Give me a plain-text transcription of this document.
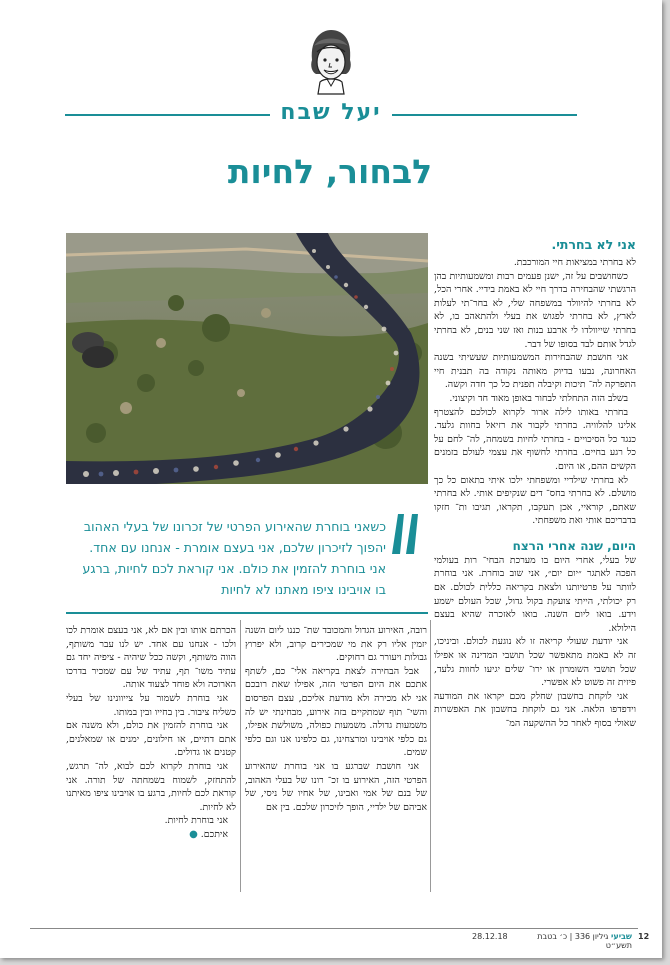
יעל שבח
לבחור, לחיות
כשאני בוחרת שהאירוע הפרטי של זכרונו של בעלי האהוב יהפוך לזיכרון שלכם, אני בעצם אומרת - אנחנו עם אחד. אני בוחרת להזמין את כולם. אני קוראת לכם לחיות, ברגע בו אויבינו ציפו מאתנו לא לחיות
אני לא בחרתי.

לא בחרתי במציאות חיי המורכבת.

כשחושבים על זה, ישנן פעמים רבות ומשמעותיות בהן הרגשתי שהבחירה בדרך חיי לא באמת בידיי. אחרי הכל, לא בחרתי להיוולד במשפחה שלי, לא בחר־תי לעלות לארץ, לא בחרתי לפגוש את בעלי ולהתאהב בו, לא בחרתי שייוולדו לי ארבע בנות ואז שני בנים, לא בחרתי לגדל אותם לבד בסופו של דבר.

אני חושבת שהבחירות המשמעותיות שעשיתי בשנה האחרונה, נבעו בדיוק מאותה נקודה בה תבנית חיי התפרקה לה־ תיכות וקיבלה תפנית כל כך חדה וקשה.

בשלב הזה התחלתי לבחור באופן מאוד חד וקיצוני.

בחרתי באותו לילה ארור לקרוא לכולכם להצטרף אלינו להלוויה. בחרתי לקבור את רזיאל בחוות גלעד. כנגד כל הסיכויים - בחרתי לחיות בשמחה, לה־ לחם על כל רגע בחיים. בחרתי לחשוף את עצמי לעולם בזמנים הקשים ההם, או היום.

לא בחרתי שילדיי ומשפחתי ילכו איתי בתאום כל כך מושלם. לא בחרתי בחס־ דים שנקיפים אותי. לא בחרתי שאתם, קוראיי, אכן תעקבו, תקראו, תגיבו ות־ חזקו בדבריכם אותי ואת משפחתי.

היום, שנה אחרי הרצח

של בעלי, אחרי היום בו מערכת הבחי־ רות בעולמי הפכה לאתגר ״יום יום״, אני שוב בוחרת. אני בוחרת לוותר על פרטיותנו ולצאת בקריאה כללית לכולם. אם רק יכולתי, הייתי צועקת בקול גדול, שכל העולם ישמע וידע. בואו ליום השנה. בואו לאזכרה שהיא בעצם הילולא.

אני יודעת שעולי קריאה זו לא נוגעת לכולם. וביניכו, זה לא באמת מתאפשר שכל תושבי המדינה או אפילו שכל תושבי השומרון או ירו־ שלים יגיעו לחוות גלעד, פיזית זה פשוט לא אפשרי.

אני לוקחת בחשבון שחלק מכם יקראו את המודעה וידפדפו הלאה. אני גם לוקחת בחשבון את האפשרות שאולי בסוף לאחר כל ההשקעה המ־

רובה, האירוע הגדול והמכובד שת־ כננו ליום השנה יזמין אליו רק את מי שמכירים קרוב, ולא יפרוץ גבולות ויעורר גם רחוקים.

אבל הבחירה לצאת בקריאה אלי־ כם, לשתף אתכם את היום הפרטי הזה, אפילו שאת רובכם אני לא מכירה ולא מודעת אליכם, עצם הפרסום והשי־ תוף שמתקיים בזה אירוע, מבחינתי יש לה משמעות גדולה. משמעות כפולה, משולשת אפילו, גם כלפי אויבינו ומרצחינו, גם כלפינו אנו וגם כלפי שמים.

אני חושבת שברגע בו אני בוחרת שהאירוע הפרטי הזה, האירוע בו זכ־ רונו של בעלי האהוב, של בנם של אמי ואבינו, של אחיו של ניסי, של אביהם של ילדיי, הופך לזיכרון שלכם. בין אם

הכרתם אותו ובין אם לא, אני בעצם אומרת לכו ולכו - אנחנו עם אחד. יש לנו עבר משותף, הווה משותף, וקשה ככל שיהיה - ציפיה יחד גם עתיד משו־ תף, עתיד של עם שמכיר בדרכו הארוכה ולא פוחד לצעוד אותה.

אני בוחרת לשמור על צייוונינו של בעלי כשליח ציבור. בין בחייו ובין במותו.

אני בוחרת להזמין את כולם, ולא משנה אם אתם דתיים, או חילונים, ימנים או שמאלנים, קטנים או גדולים.

אני בוחרת לקרוא לכם לבוא, לה־ תרגש, להתחזק, לשמוח בשמחתה של תורה. אני קוראת לכם לחיות, ברגע בו אויבינו ציפו מאיתנו לא לחיות.

אני בוחרת לחיות.

איתכם. ●

12
שביעי גיליון 336 | כ׳ בטבת תשע״ט
28.12.18
